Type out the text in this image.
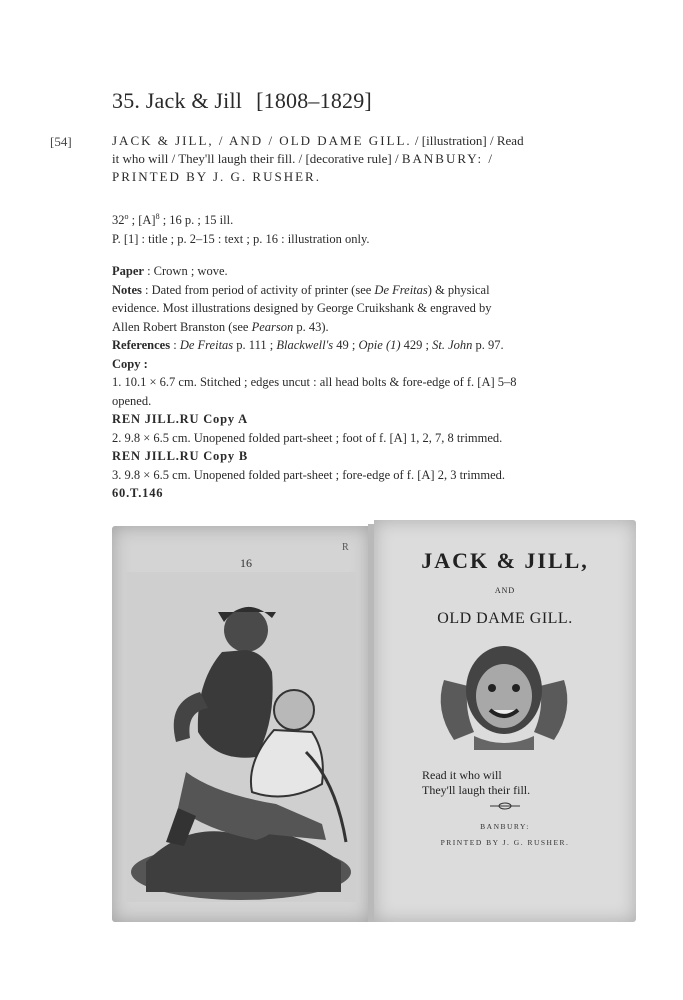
35. Jack & Jill [1808–1829]
[54]	JACK & JILL, / AND / OLD DAME GILL. / [illustration] / Read
it who will / They'll laugh their fill. / [decorative rule] / BANBURY: /
PRINTED BY J. G. RUSHER.
32$^o$ ; $[A]^8$ ; 16 p. ; 15 ill.
P. [1] : title ; p. 2–15 : text ; p. 16 : illustration only.
Paper : Crown ; wove.
Notes : Dated from period of activity of printer (see De Freitas) & physical
evidence. Most illustrations designed by George Cruikshank & engraved by
Allen Robert Branston (see Pearson p. 43).
References : De Freitas p. 111 ; Blackwell's 49 ; Opie (1) 429 ; St. John p. 97.
Copy :
1. 10.1 × 6.7 cm. Stitched ; edges uncut : all head bolts & fore-edge of f. [A] 5–8
opened.
REN JILL.RU Copy A
2. 9.8 × 6.5 cm. Unopened folded part-sheet ; foot of f. [A] 1, 2, 7, 8 trimmed.
REN JILL.RU Copy B
3. 9.8 × 6.5 cm. Unopened folded part-sheet ; fore-edge of f. [A] 2, 3 trimmed.
60.T.146
16
R
JACK & JILL,
AND
OLD DAME GILL.
Read it who will
They'll laugh their fill.
BANBURY:
PRINTED BY J. G. RUSHER.
